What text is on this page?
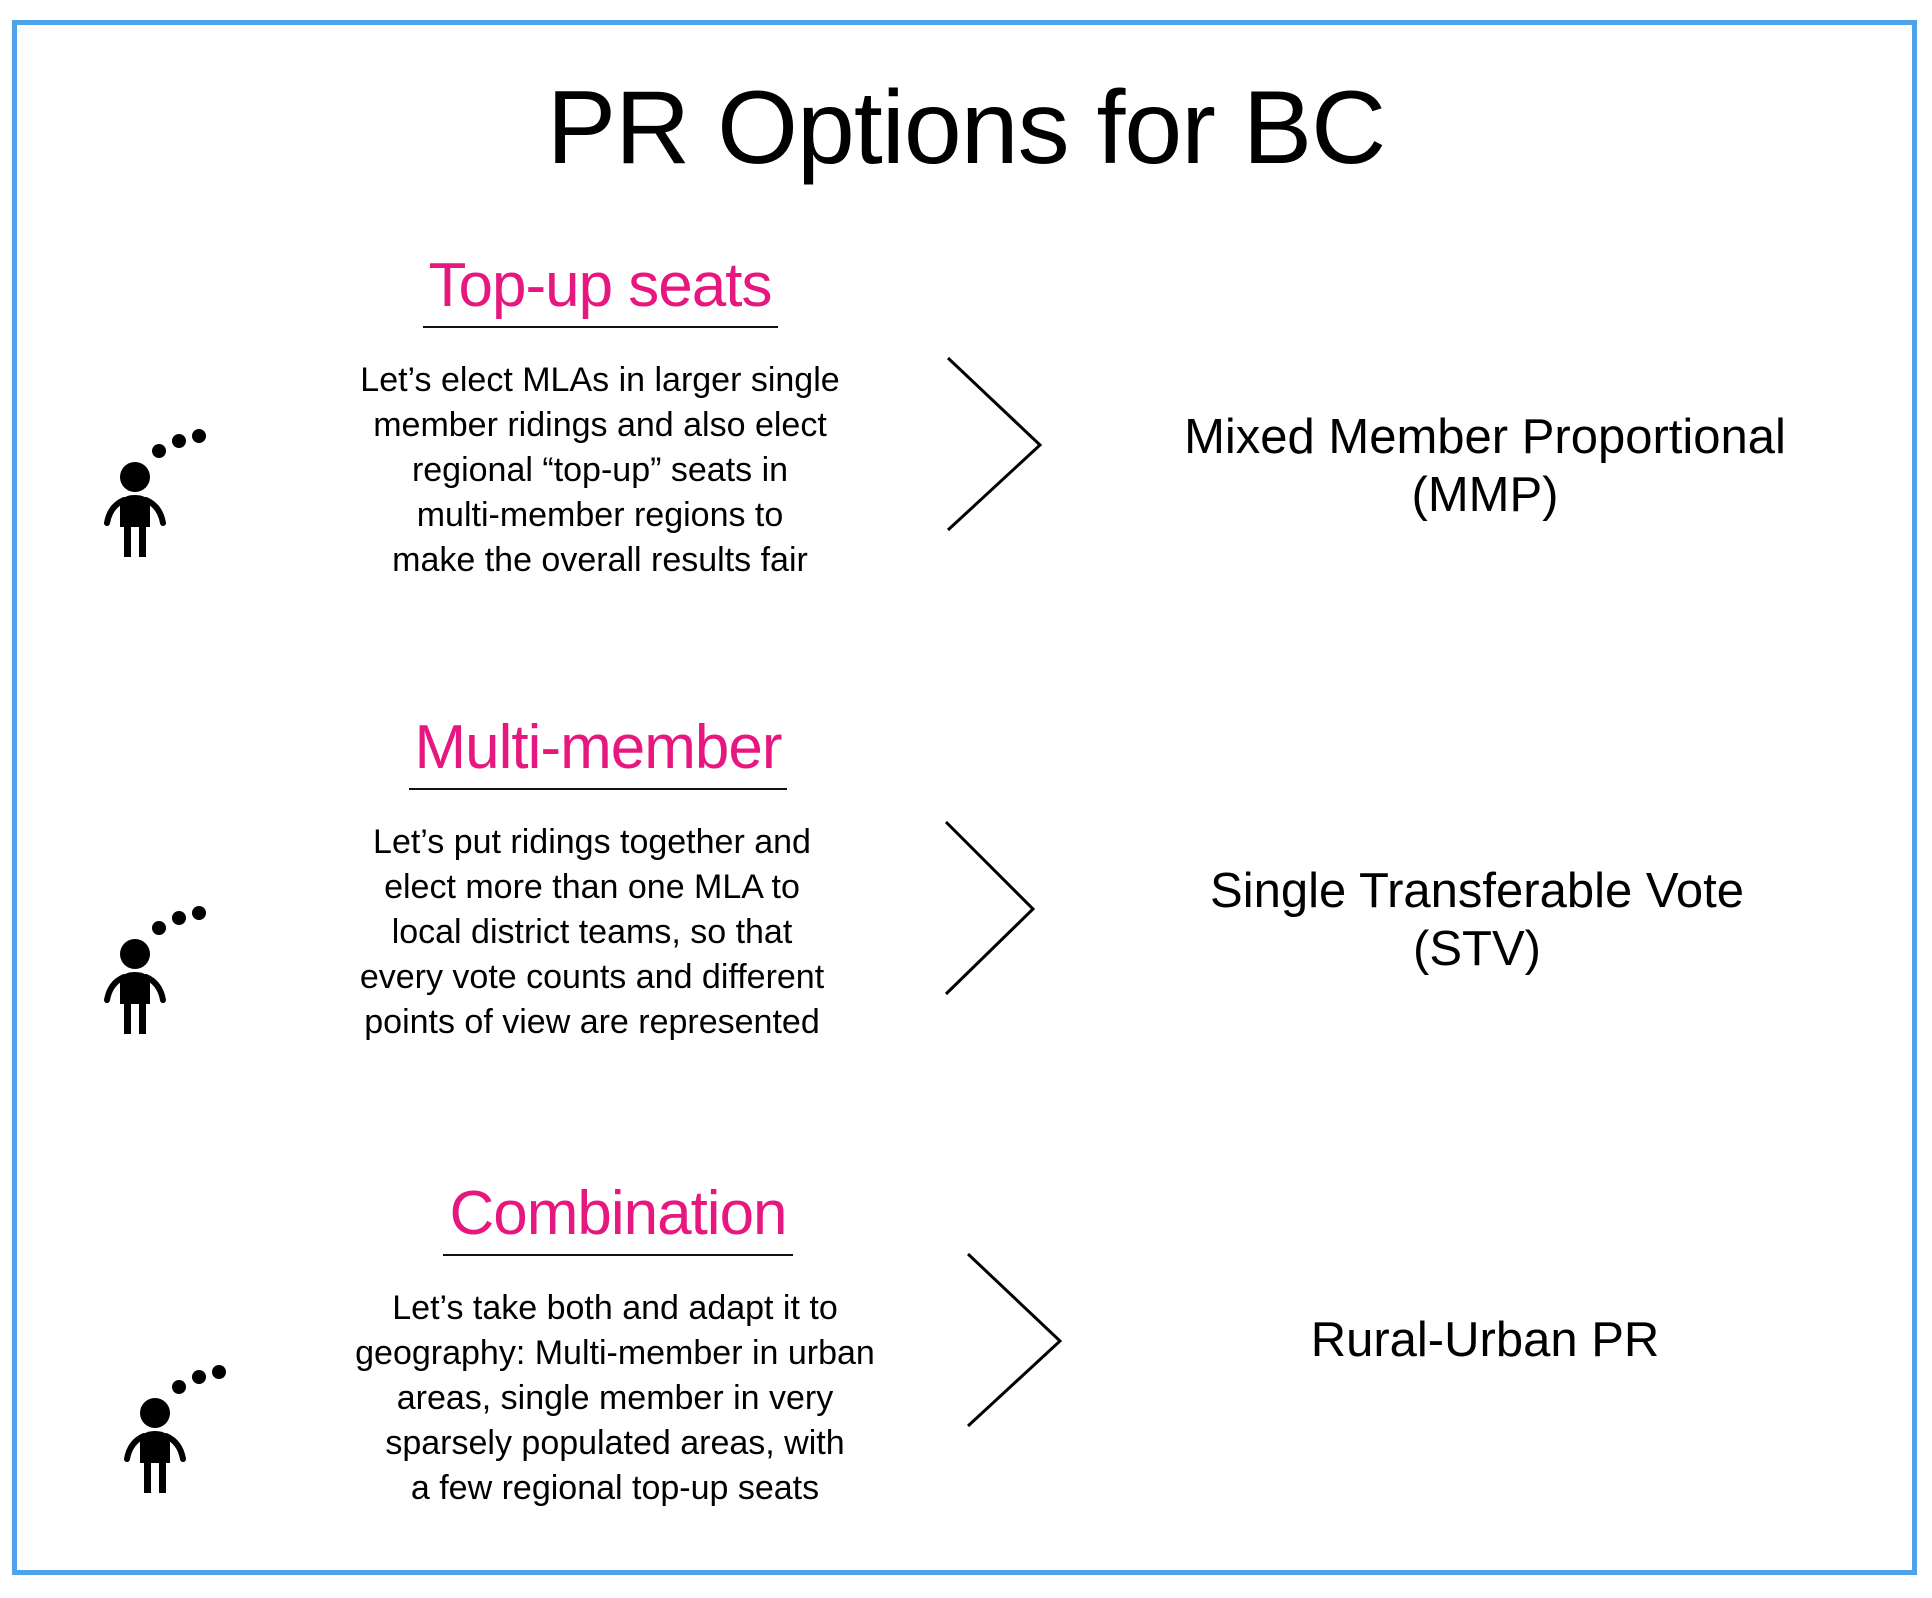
PR Options for BC
Top-up seats
Let’s elect MLAs in larger single
member ridings and also elect
regional “top-up” seats in
multi-member regions to
make the overall results fair
Mixed Member Proportional
(MMP)
Multi-member
Let’s put ridings together and
elect more than one MLA to
local district teams, so that
every vote counts and different
points of view are represented
Single Transferable Vote
(STV)
Combination
Let’s take both and adapt it to
geography: Multi-member in urban
areas, single member in very
sparsely populated areas, with
a few regional top-up seats
Rural-Urban PR
